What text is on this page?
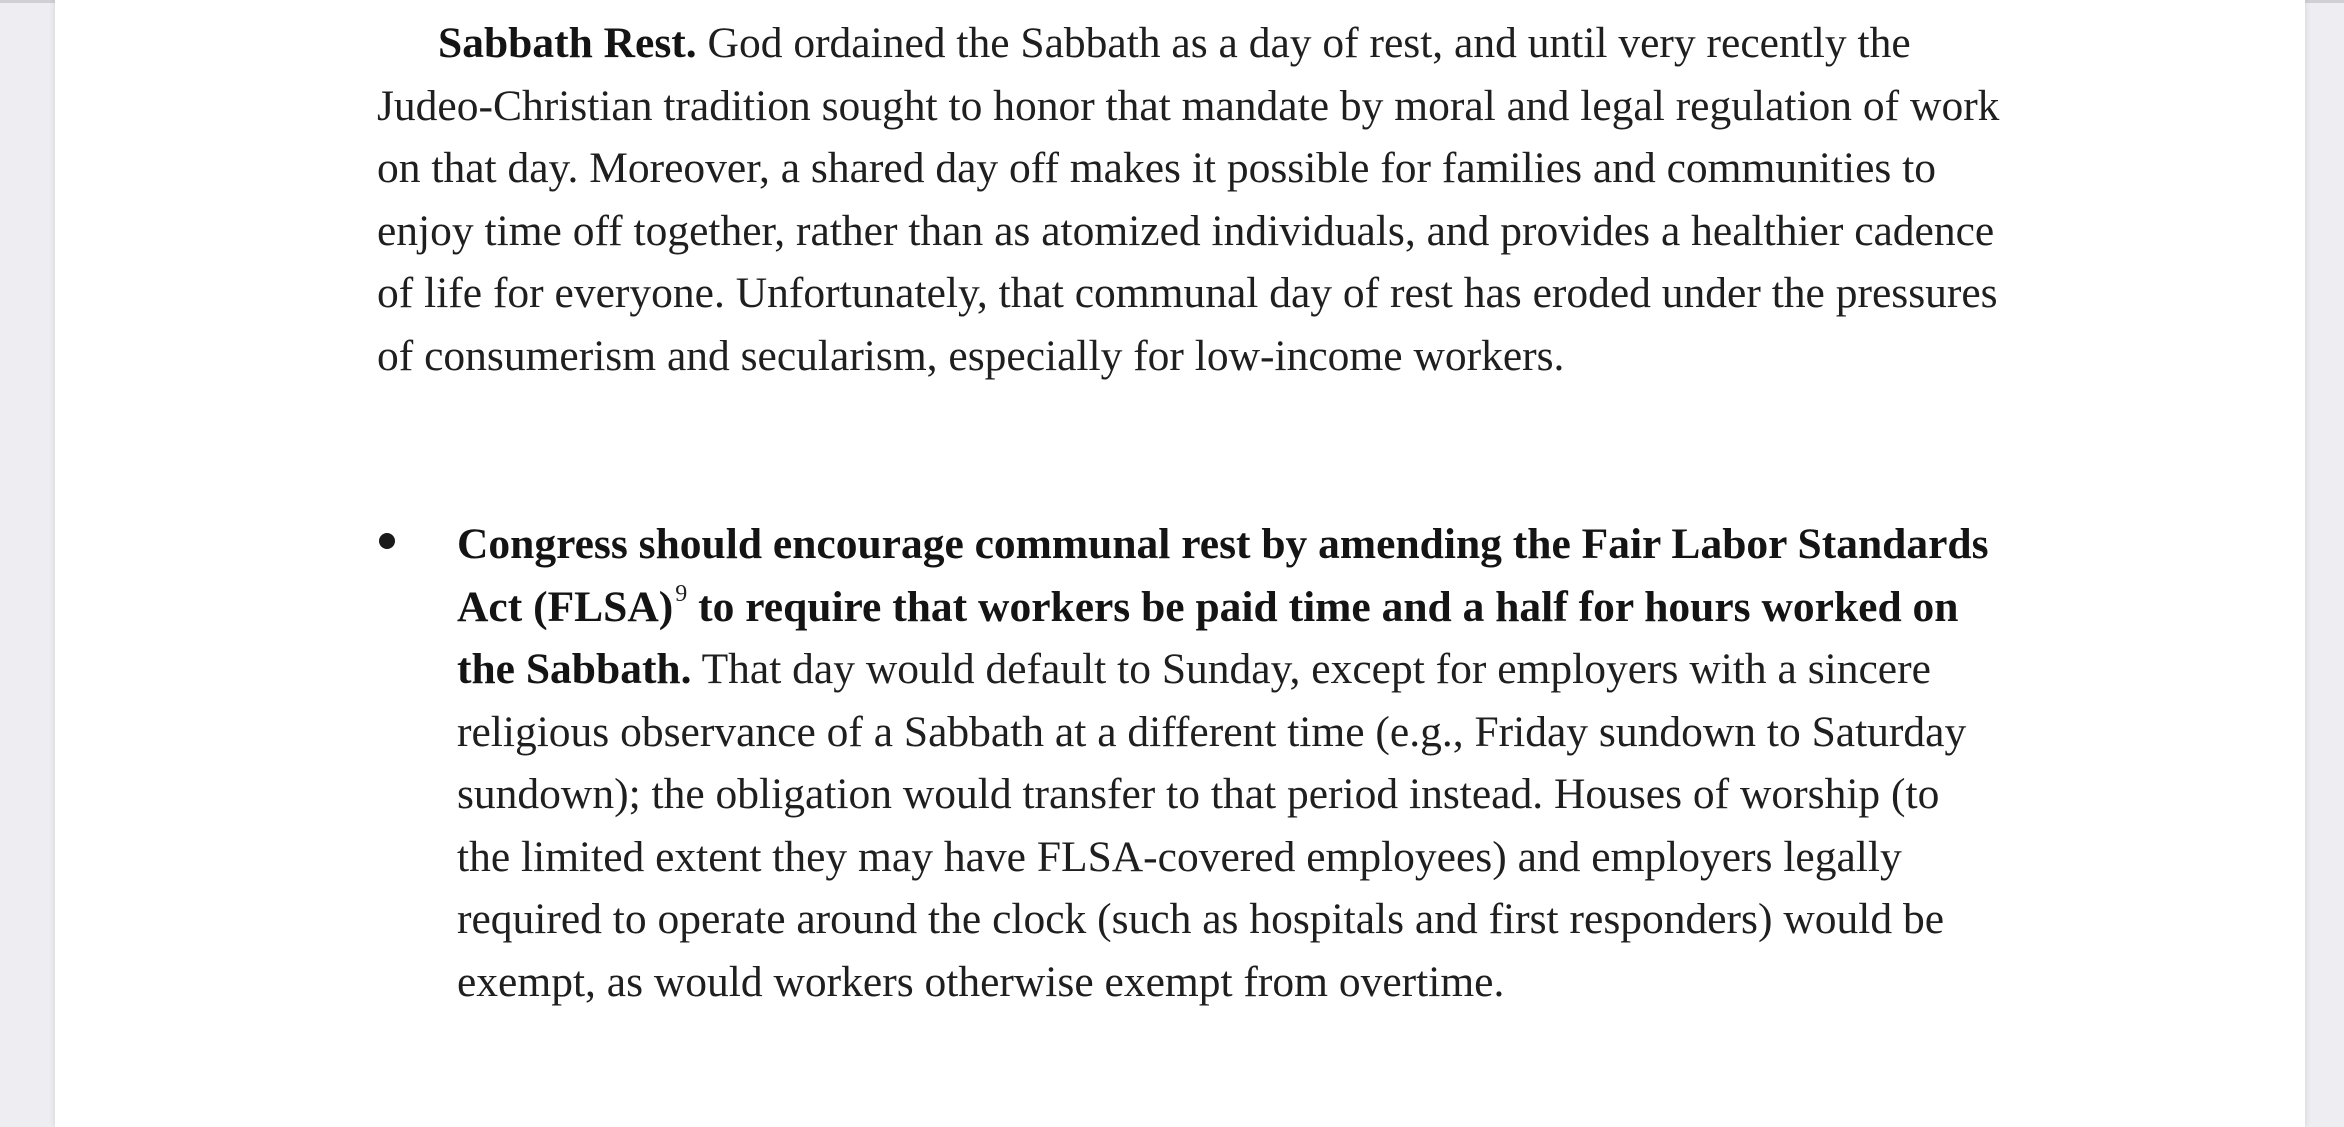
Sabbath Rest. God ordained the Sabbath as a day of rest, and until very recently the Judeo-Christian tradition sought to honor that mandate by moral and legal regulation of work on that day. Moreover, a shared day off makes it possible for families and communities to enjoy time off together, rather than as atomized individuals, and provides a healthier cadence of life for everyone. Unfortunately, that communal day of rest has eroded under the pressures of consumerism and secularism, especially for low-income workers.

Congress should encourage communal rest by amending the Fair Labor Standards Act (FLSA)$^9$ to require that workers be paid time and a half for hours worked on the Sabbath. That day would default to Sunday, except for employers with a sincere religious observance of a Sabbath at a different time (e.g., Friday sundown to Saturday sundown); the obligation would transfer to that period instead. Houses of worship (to the limited extent they may have FLSA-covered employees) and employers legally required to operate around the clock (such as hospitals and first responders) would be exempt, as would workers otherwise exempt from overtime.
